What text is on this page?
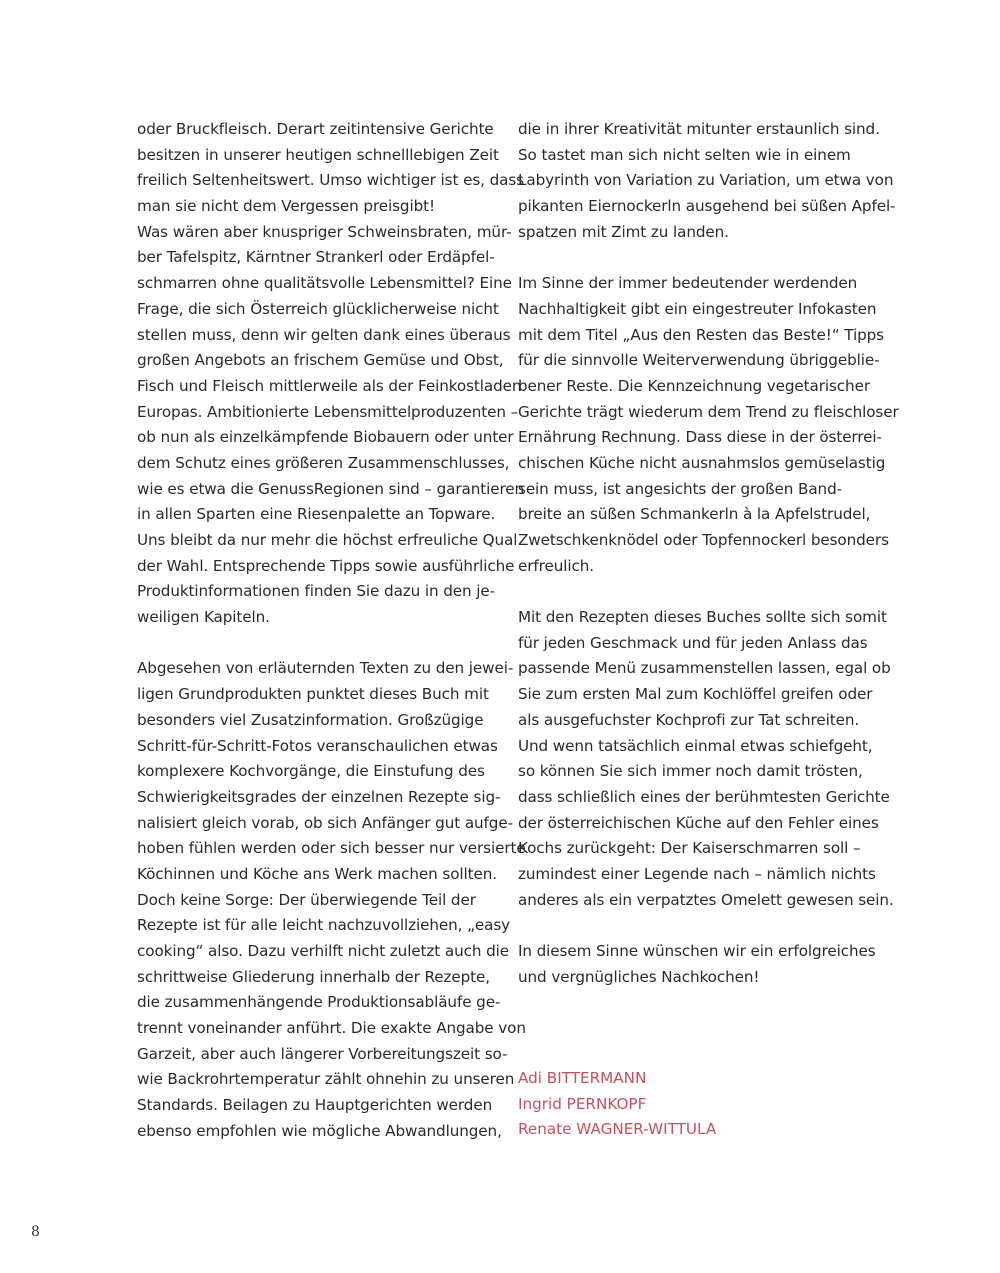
oder Bruckfleisch. Derart zeitintensive Gerichte
besitzen in unserer heutigen schnelllebigen Zeit
freilich Seltenheitswert. Umso wichtiger ist es, dass
man sie nicht dem Vergessen preisgibt!
Was wären aber knuspriger Schweinsbraten, mür-
ber Tafelspitz, Kärntner Strankerl oder Erdäpfel-
schmarren ohne qualitätsvolle Lebensmittel? Eine
Frage, die sich Österreich glücklicherweise nicht
stellen muss, denn wir gelten dank eines überaus
großen Angebots an frischem Gemüse und Obst,
Fisch und Fleisch mittlerweile als der Feinkostladen
Europas. Ambitionierte Lebensmittelproduzenten –
ob nun als einzelkämpfende Biobauern oder unter
dem Schutz eines größeren Zusammenschlusses,
wie es etwa die GenussRegionen sind – garantieren
in allen Sparten eine Riesenpalette an Topware.
Uns bleibt da nur mehr die höchst erfreuliche Qual
der Wahl. Entsprechende Tipps sowie ausführliche
Produktinformationen finden Sie dazu in den je-
weiligen Kapiteln.
Abgesehen von erläuternden Texten zu den jewei-
ligen Grundprodukten punktet dieses Buch mit
besonders viel Zusatzinformation. Großzügige
Schritt-für-Schritt-Fotos veranschaulichen etwas
komplexere Kochvorgänge, die Einstufung des
Schwierigkeitsgrades der einzelnen Rezepte sig-
nalisiert gleich vorab, ob sich Anfänger gut aufge-
hoben fühlen werden oder sich besser nur versierte
Köchinnen und Köche ans Werk machen sollten.
Doch keine Sorge: Der überwiegende Teil der
Rezepte ist für alle leicht nachzuvollziehen, „easy
cooking“ also. Dazu verhilft nicht zuletzt auch die
schrittweise Gliederung innerhalb der Rezepte,
die zusammenhängende Produktionsabläufe ge-
trennt voneinander anführt. Die exakte Angabe von
Garzeit, aber auch längerer Vorbereitungszeit so-
wie Backrohrtemperatur zählt ohnehin zu unseren
Standards. Beilagen zu Hauptgerichten werden
ebenso empfohlen wie mögliche Abwandlungen,
die in ihrer Kreativität mitunter erstaunlich sind.
So tastet man sich nicht selten wie in einem
Labyrinth von Variation zu Variation, um etwa von
pikanten Eiernockerln ausgehend bei süßen Apfel-
spatzen mit Zimt zu landen.
Im Sinne der immer bedeutender werdenden
Nachhaltigkeit gibt ein eingestreuter Infokasten
mit dem Titel „Aus den Resten das Beste!“ Tipps
für die sinnvolle Weiterverwendung übriggeblie-
bener Reste. Die Kennzeichnung vegetarischer
Gerichte trägt wiederum dem Trend zu fleischloser
Ernährung Rechnung. Dass diese in der österrei-
chischen Küche nicht ausnahmslos gemüselastig
sein muss, ist angesichts der großen Band-
breite an süßen Schmankerln à la Apfelstrudel,
Zwetschkenknödel oder Topfennockerl besonders
erfreulich.
Mit den Rezepten dieses Buches sollte sich somit
für jeden Geschmack und für jeden Anlass das
passende Menü zusammenstellen lassen, egal ob
Sie zum ersten Mal zum Kochlöffel greifen oder
als ausgefuchster Kochprofi zur Tat schreiten.
Und wenn tatsächlich einmal etwas schiefgeht,
so können Sie sich immer noch damit trösten,
dass schließlich eines der berühmtesten Gerichte
der österreichischen Küche auf den Fehler eines
Kochs zurückgeht: Der Kaiserschmarren soll –
zumindest einer Legende nach – nämlich nichts
anderes als ein verpatztes Omelett gewesen sein.
In diesem Sinne wünschen wir ein erfolgreiches
und vergnügliches Nachkochen!
Adi BITTERMANN
Ingrid PERNKOPF
Renate WAGNER-WITTULA
8
